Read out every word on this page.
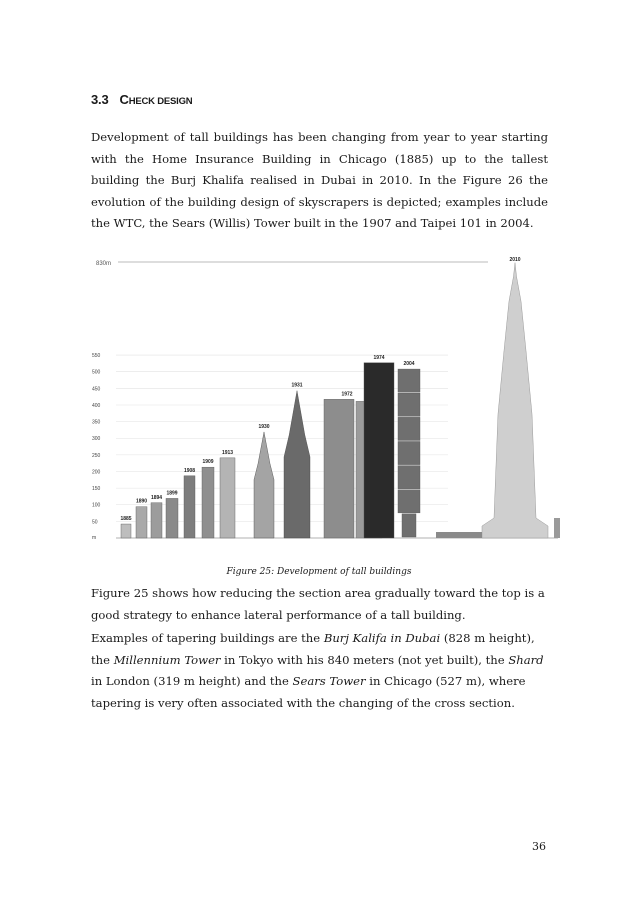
3.3 CHECK DESIGN
Development of tall buildings has been changing from year to year starting with the Home Insurance Building in Chicago (1885) up to the tallest building the Burj Khalifa realised in Dubai in 2010. In the Figure 26 the evolution of the building design of skyscrapers is depicted; examples include the WTC, the Sears (Willis) Tower built in the 1907 and Taipei 101 in 2004.
830m
50
100
150
200
250
300
350
400
450
500
550
m
1885
1890
1894
1899
1908
1909
1913
1930
1931
1972
1974
2004
2010
Figure 25: Development of tall buildings
Figure 25 shows how reducing the section area gradually toward the top is a good strategy to enhance lateral performance of a tall building.
Examples of tapering buildings are the Burj Kalifa in Dubai (828 m height), the Millennium Tower in Tokyo with his 840 meters (not yet built), the Shard in London (319 m height) and the Sears Tower in Chicago (527 m), where tapering is very often associated with the changing of the cross section.
36
